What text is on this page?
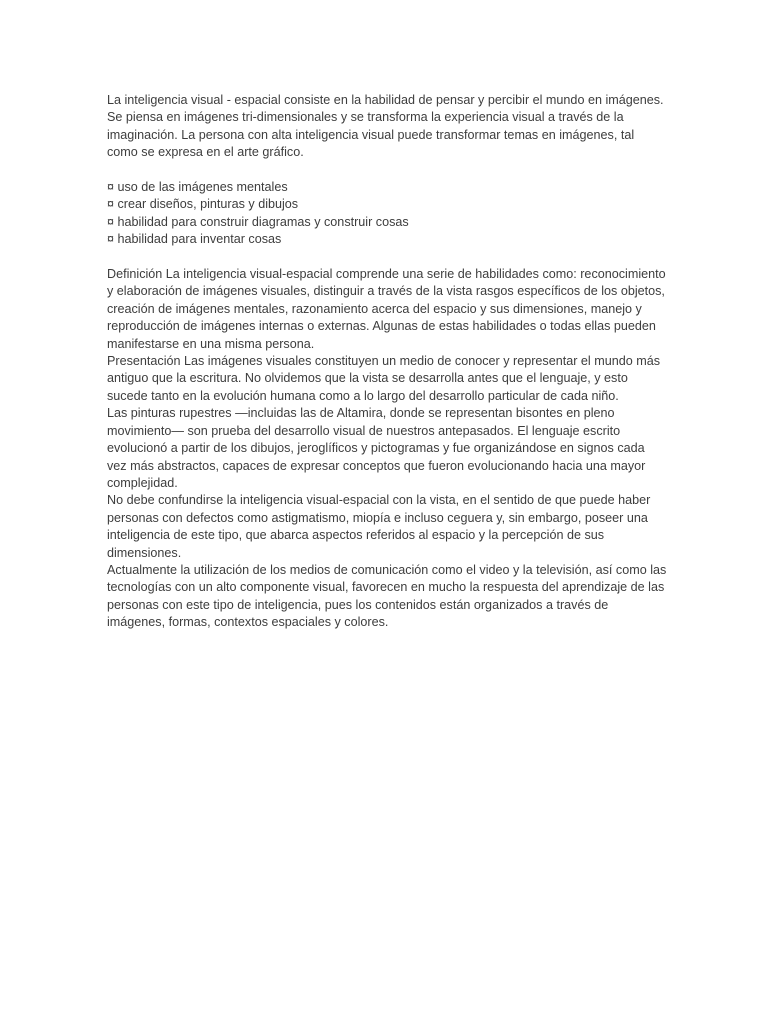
La inteligencia visual - espacial consiste en la habilidad de pensar y percibir el mundo en imágenes. Se piensa en imágenes tri-dimensionales y se transforma la experiencia visual a través de la imaginación. La persona con alta inteligencia visual puede transformar temas en imágenes, tal como se expresa en el arte gráfico.

¤ uso de las imágenes mentales
¤ crear diseños, pinturas y dibujos
¤ habilidad para construir diagramas y construir cosas
¤ habilidad para inventar cosas

Definición La inteligencia visual-espacial comprende una serie de habilidades como: reconocimiento y elaboración de imágenes visuales, distinguir a través de la vista rasgos específicos de los objetos, creación de imágenes mentales, razonamiento acerca del espacio y sus dimensiones, manejo y reproducción de imágenes internas o externas. Algunas de estas habilidades o todas ellas pueden manifestarse en una misma persona.

Presentación Las imágenes visuales constituyen un medio de conocer y representar el mundo más antiguo que la escritura. No olvidemos que la vista se desarrolla antes que el lenguaje, y esto sucede tanto en la evolución humana como a lo largo del desarrollo particular de cada niño.

Las pinturas rupestres —incluidas las de Altamira, donde se representan bisontes en pleno movimiento— son prueba del desarrollo visual de nuestros antepasados. El lenguaje escrito evolucionó a partir de los dibujos, jeroglíficos y pictogramas y fue organizándose en signos cada vez más abstractos, capaces de expresar conceptos que fueron evolucionando hacia una mayor complejidad.

No debe confundirse la inteligencia visual-espacial con la vista, en el sentido de que puede haber personas con defectos como astigmatismo, miopía e incluso ceguera y, sin embargo, poseer una inteligencia de este tipo, que abarca aspectos referidos al espacio y la percepción de sus dimensiones.

Actualmente la utilización de los medios de comunicación como el video y la televisión, así como las tecnologías con un alto componente visual, favorecen en mucho la respuesta del aprendizaje de las personas con este tipo de inteligencia, pues los contenidos están organizados a través de imágenes, formas, contextos espaciales y colores.
